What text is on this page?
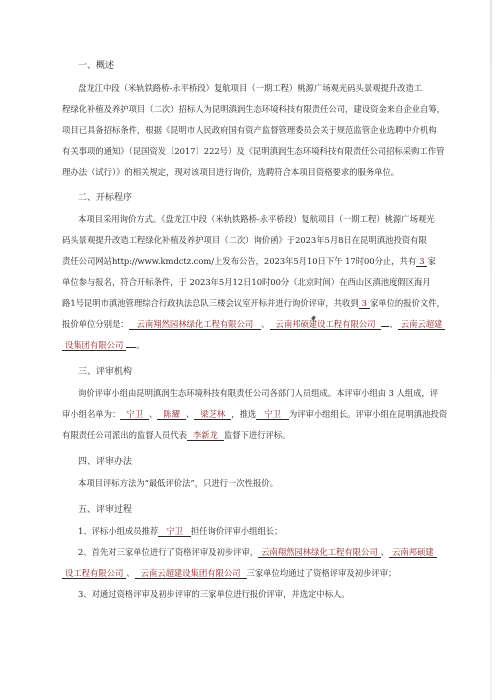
一、概述
盘龙江中段（米轨铁路桥-永平桥段）复航项目（一期工程）桃源广场观光码头景观提升改造工
程绿化补植及养护项目（二次）招标人为昆明滇润生态环境科技有限责任公司，建设资金来自企业自筹，
项目已具备招标条件，根据《昆明市人民政府国有资产监督管理委员会关于规范监管企业选聘中介机构
有关事项的通知》（昆国资发〔2017〕222号）及《昆明滇润生态环境科技有限责任公司招标采购工作管
理办法（试行）》的相关规定，现对该项目进行询价，选聘符合本项目资格要求的服务单位。
二、开标程序
本项目采用询价方式。《盘龙江中段（米轨铁路桥-永平桥段）复航项目（一期工程）桃源广场观光
码头景观提升改造工程绿化补植及养护项目（二次）询价函》于2023年5月8日在昆明滇池投资有限
责任公司网站http://www.kmdctz.com/上发布公告，2023年5月10日下午 17时00分止，共有 3 家
单位参与报名，符合开标条件，于 2023年5月12日10时00分（北京时间）在西山区滇池度假区海月
路1号昆明市滇池管理综合行政执法总队三楼会议室开标并进行询价评审，共收到 3 家单位的报价文件，
报价单位分别是： 云南翔然园林绿化工程有限公司 、 云南邦硕建设工程有限公司 、 云南云超建
设集团有限公司 。
三、评审机构
询价评审小组由昆明滇润生态环境科技有限责任公司各部门人员组成。本评审小组由 3 人组成，评
审小组名单为： 宁卫 、 陈耀 、 梁芝林 ，推选 宁卫 为评审小组组长。评审小组在昆明滇池投资
有限责任公司派出的监督人员代表 李新龙 监督下进行评标。
四、评审办法
本项目评标方法为“最低评价法”，只进行一次性报价。
五、评审过程
1、评标小组成员推荐 宁卫 担任询价评审小组组长；
2、首先对三家单位进行了资格评审及初步评审， 云南翔然园林绿化工程有限公司 、 云南邦硕建
设工程有限公司 、 云南云超建设集团有限公司 三家单位均通过了资格评审及初步评审；
3、对通过资格评审及初步评审的三家单位进行报价评审，并选定中标人。
